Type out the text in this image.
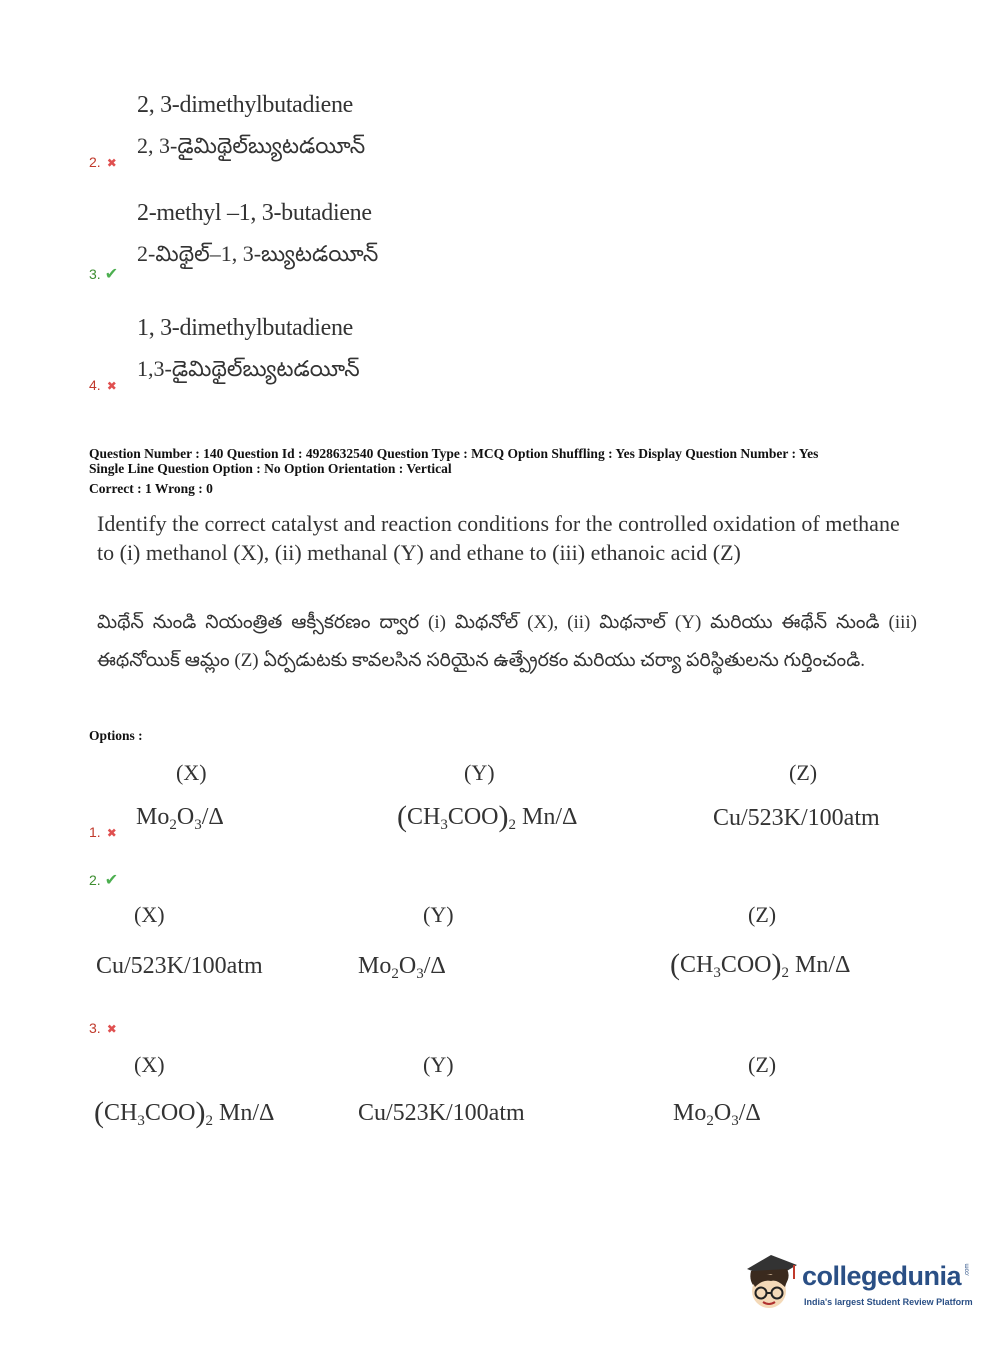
2, 3-dimethylbutadiene
2, 3-డైమిథైల్‌బ్యుటడయీన్
2. ✖
2-methyl –1, 3-butadiene
2-మిథైల్–1, 3-బ్యుటడయీన్
3. ✔
1, 3-dimethylbutadiene
1,3-డైమిథైల్‌బ్యుటడయీన్
4. ✖
Question Number : 140 Question Id : 4928632540 Question Type : MCQ Option Shuffling : Yes Display Question Number : Yes
Single Line Question Option : No Option Orientation : Vertical
Correct : 1 Wrong : 0
Identify the correct catalyst and reaction conditions for the controlled oxidation of methane to (i) methanol (X), (ii) methanal (Y) and ethane to (iii) ethanoic acid (Z)
మిథేన్ నుండి నియంత్రిత ఆక్సీకరణం ద్వార (i) మిథనోల్ (X), (ii) మిథనాల్ (Y) మరియు ఈథేన్ నుండి (iii) ఈథనోయిక్ ఆమ్లం (Z) ఏర్పడుటకు కావలసిన సరియైన ఉత్ప్రేరకం మరియు చర్యా పరిస్థితులను గుర్తించండి.
Options :
(X)	(Y)	(Z)
1. ✖
$Mo_2O_3/\Delta$	$(CH_3COO)_2$ Mn/Δ	Cu/523K/100atm
2. ✔
(X)	(Y)	(Z)
Cu/523K/100atm	$Mo_2O_3/\Delta$	$(CH_3COO)_2$ Mn/Δ
3. ✖
(X)	(Y)	(Z)
$(CH_3COO)_2$ Mn/Δ	Cu/523K/100atm	$Mo_2O_3/\Delta$
collegedunia .com
India's largest Student Review Platform
